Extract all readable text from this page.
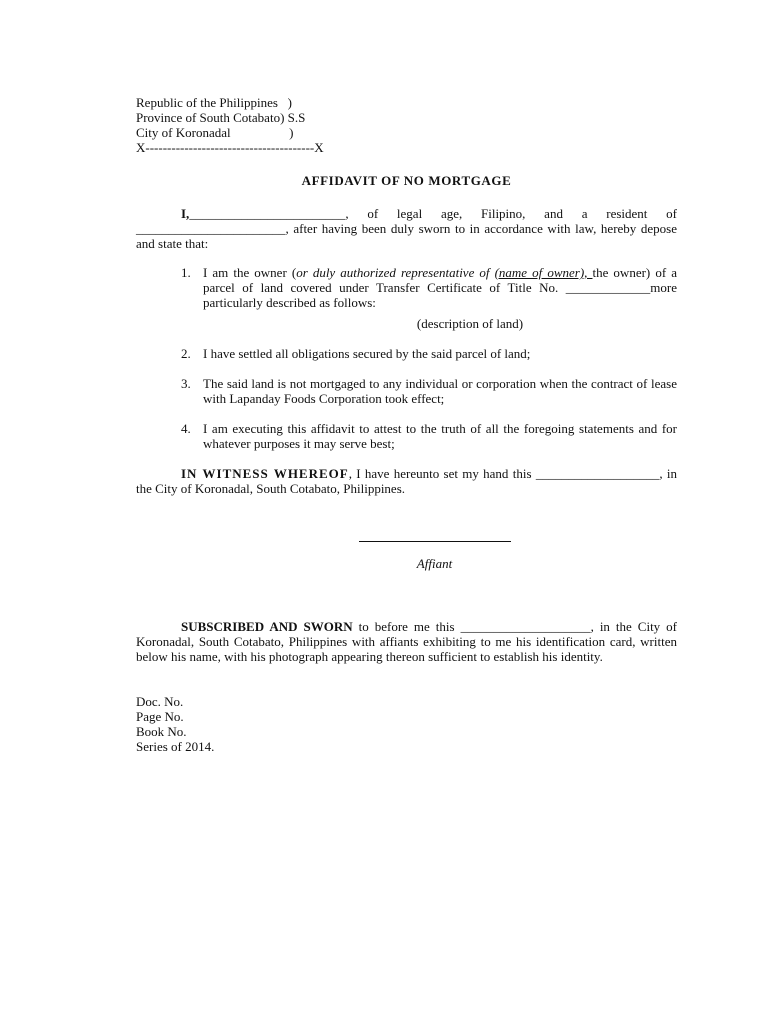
Republic of the Philippines   )
Province of South Cotabato) S.S
City of Koronadal                  )
X---------------------------------------X
AFFIDAVIT OF NO MORTGAGE
I,________________________, of legal age, Filipino, and a resident of _______________________, after having been duly sworn to in accordance with law, hereby depose and state that:
1. I am the owner (or duly authorized representative of (name of owner), the owner) of a parcel of land covered under Transfer Certificate of Title No. _____________more particularly described as follows:
(description of land)
2. I have settled all obligations secured by the said parcel of land;
3. The said land is not mortgaged to any individual or corporation when the contract of lease with Lapanday Foods Corporation took effect;
4. I am executing this affidavit to attest to the truth of all the foregoing statements and for whatever purposes it may serve best;
IN WITNESS WHEREOF, I have hereunto set my hand this ___________________, in the City of Koronadal, South Cotabato, Philippines.
Affiant
SUBSCRIBED AND SWORN to before me this ____________________, in the City of Koronadal, South Cotabato, Philippines with affiants exhibiting to me his identification card, written below his name, with his photograph appearing thereon sufficient to establish his identity.
Doc. No.
Page No.
Book No.
Series of 2014.
